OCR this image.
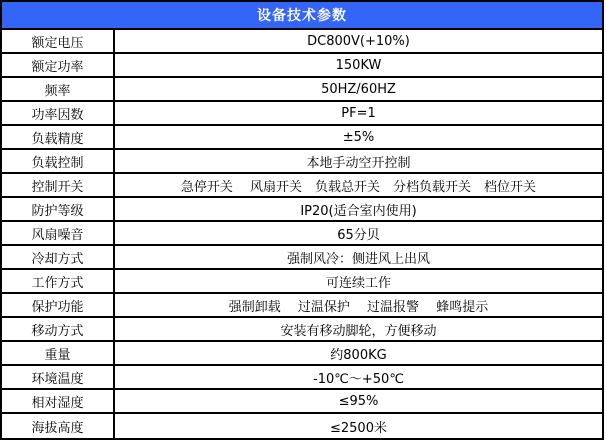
设备技术参数
额定电压	DC800V(+10%)
额定功率	150KW
频率	50HZ/60HZ
功率因数	PF=1
负载精度	±5%
负载控制	本地手动空开控制
控制开关	急停开关　 风扇开关　负载总开关　分档负载开关　档位开关
防护等级	IP20(适合室内使用)
风扇噪音	65分贝
冷却方式	强制风冷：侧进风上出风
工作方式	可连续工作
保护功能	强制卸载　 过温保护　 过温报警　 蜂鸣提示
移动方式	安装有移动脚轮，方便移动
重量	约800KG
环境温度	-10℃～+50℃
相对湿度	≤95%
海拔高度	≤2500米
